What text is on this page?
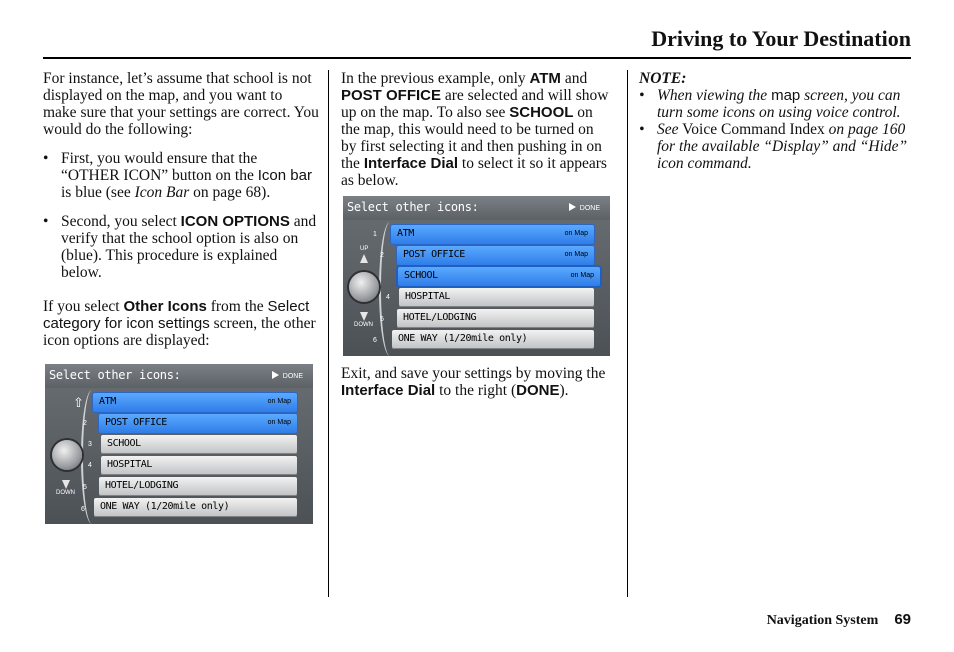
Driving to Your Destination

For instance, let’s assume that school is not displayed on the map, and you want to make sure that your settings are correct. You would do the following:

• First, you would ensure that the “OTHER ICON” button on the Icon bar is blue (see Icon Bar on page 68).
• Second, you select ICON OPTIONS and verify that the school option is also on (blue). This procedure is explained below.

If you select Other Icons from the Select category for icon settings screen, the other icon options are displayed:

Select other icons:	DONE
⇧
DOWN
2
3
4
5
6
ATM	on Map
POST OFFICE	on Map
SCHOOL
HOSPITAL
HOTEL/LODGING
ONE WAY (1/20mile only)

In the previous example, only ATM and POST OFFICE are selected and will show up on the map. To also see SCHOOL on the map, this would need to be turned on by first selecting it and then pushing in on the Interface Dial to select it so it appears as below.

Select other icons:	DONE
UP
DOWN
1
2
4
5
6
ATM	on Map
POST OFFICE	on Map
SCHOOL	on Map
HOSPITAL
HOTEL/LODGING
ONE WAY (1/20mile only)

Exit, and save your settings by moving the Interface Dial to the right (DONE).

NOTE:
• When viewing the map screen, you can turn some icons on using voice control.
• See Voice Command Index on page 160 for the available “Display” and “Hide” icon command.
Navigation System 69
